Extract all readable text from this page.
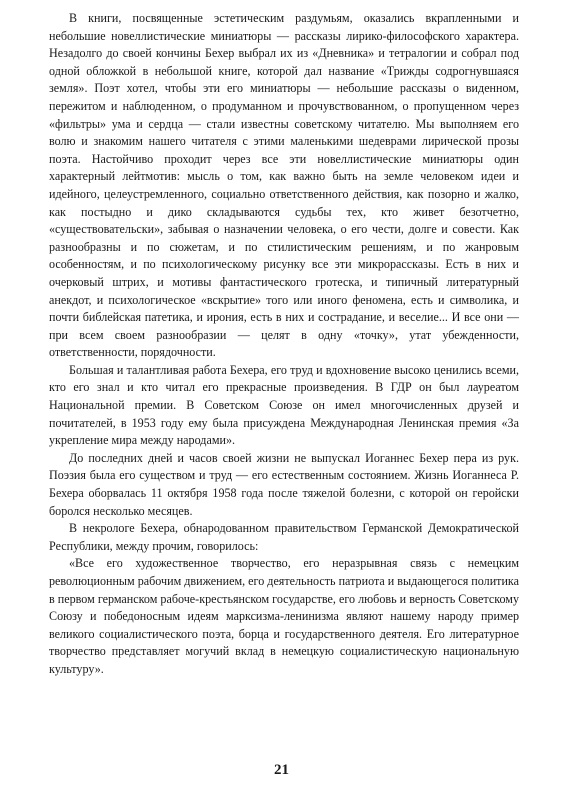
В книги, посвященные эстетическим раздумьям, оказались вкрапленными и небольшие новеллистические миниатюры — рассказы лирико-философского характера. Незадолго до своей кончины Бехер выбрал их из «Дневника» и тетралогии и собрал под одной обложкой в небольшой книге, которой дал название «Трижды содрогнувшаяся земля». Поэт хотел, чтобы эти его миниатюры — небольшие рассказы о виденном, пережитом и наблюденном, о продуманном и прочувствованном, о пропущенном через «фильтры» ума и сердца — стали известны советскому читателю. Мы выполняем его волю и знакомим нашего читателя с этими маленькими шедеврами лирической прозы поэта. Настойчиво проходит через все эти новеллистические миниатюры один характерный лейтмотив: мысль о том, как важно быть на земле человеком идеи и идейного, целеустремленного, социально ответственного действия, как позорно и жалко, как постыдно и дико складываются судьбы тех, кто живет безотчетно, «существовательски», забывая о назначении человека, о его чести, долге и совести. Как разнообразны и по сюжетам, и по стилистическим решениям, и по жанровым особенностям, и по психологическому рисунку все эти микрорассказы. Есть в них и очерковый штрих, и мотивы фантастического гротеска, и типичный литературный анекдот, и психологическое «вскрытие» того или иного феномена, есть и символика, и почти библейская патетика, и ирония, есть в них и сострадание, и веселие... И все они — при всем своем разнообразии — целят в одну «точку», утат убежденности, ответственности, порядочности.

Большая и талантливая работа Бехера, его труд и вдохновение высоко ценились всеми, кто его знал и кто читал его прекрасные произведения. В ГДР он был лауреатом Национальной премии. В Советском Союзе он имел многочисленных друзей и почитателей, в 1953 году ему была присуждена Международная Ленинская премия «За укрепление мира между народами».

До последних дней и часов своей жизни не выпускал Иоганнес Бехер пера из рук. Поэзия была его существом и труд — его естественным состоянием. Жизнь Иоганнеса Р. Бехера оборвалась 11 октября 1958 года после тяжелой болезни, с которой он геройски боролся несколько месяцев.

В некрологе Бехера, обнародованном правительством Германской Демократической Республики, между прочим, говорилось:

«Все его художественное творчество, его неразрывная связь с немецким революционным рабочим движением, его деятельность патриота и выдающегося политика в первом германском рабоче-крестьянском государстве, его любовь и верность Советскому Союзу и победоносным идеям марксизма-ленинизма являют нашему народу пример великого социалистического поэта, борца и государственного деятеля. Его литературное творчество представляет могучий вклад в немецкую социалистическую национальную культуру».

21
